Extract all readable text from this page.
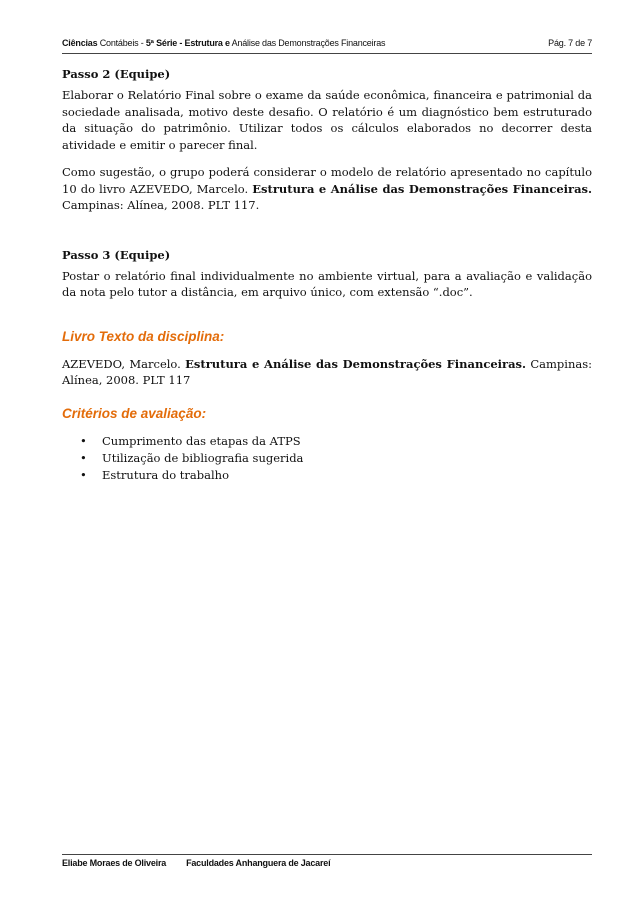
Ciências Contábeis - 5ª Série - Estrutura e Análise das Demonstrações Financeiras	Pág. 7 de 7

Passo 2 (Equipe)

Elaborar o Relatório Final sobre o exame da saúde econômica, financeira e patrimonial da sociedade analisada, motivo deste desafio. O relatório é um diagnóstico bem estruturado da situação do patrimônio. Utilizar todos os cálculos elaborados no decorrer desta atividade e emitir o parecer final.

Como sugestão, o grupo poderá considerar o modelo de relatório apresentado no capítulo 10 do livro AZEVEDO, Marcelo. Estrutura e Análise das Demonstrações Financeiras. Campinas: Alínea, 2008. PLT 117.

Passo 3 (Equipe)

Postar o relatório final individualmente no ambiente virtual, para a avaliação e validação da nota pelo tutor a distância, em arquivo único, com extensão “.doc”.

Livro Texto da disciplina:

AZEVEDO, Marcelo. Estrutura e Análise das Demonstrações Financeiras. Campinas: Alínea, 2008. PLT 117

Critérios de avaliação:

• Cumprimento das etapas da ATPS
• Utilização de bibliografia sugerida
• Estrutura do trabalho
Eliabe Moraes de Oliveira Faculdades Anhanguera de Jacareí
